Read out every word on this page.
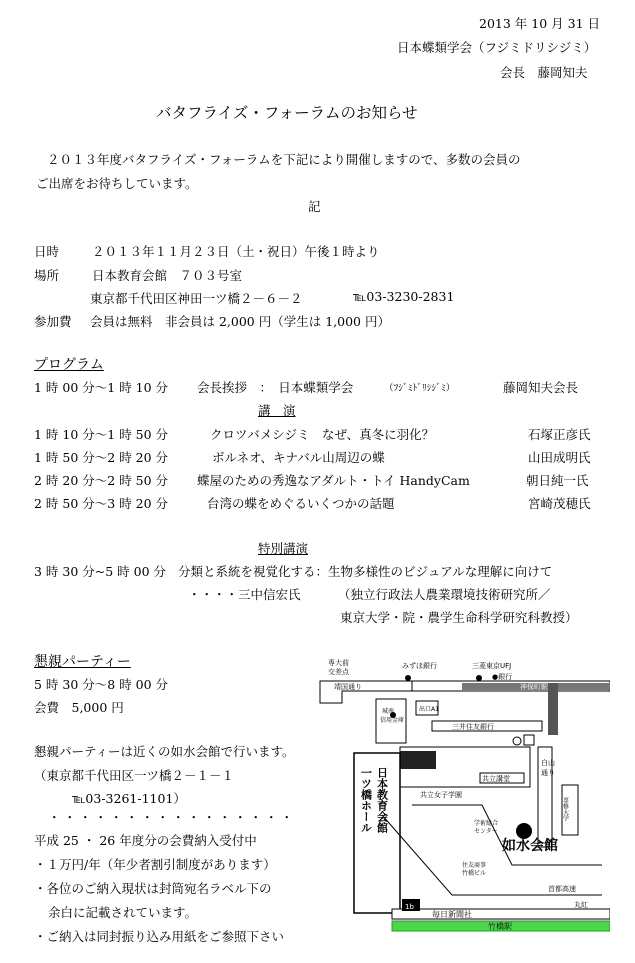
2013 年 10 月 31 日
日本蝶類学会（フジミドリシジミ）
会長　藤岡知夫
バタフライズ・フォーラムのお知らせ
２０１３年度バタフライズ・フォーラムを下記により開催しますので、多数の会員の
ご出席をお待ちしています。
記
日時	２０１３年１１月２３日（土・祝日）午後１時より
場所	日本教育会館　７０３号室
東京都千代田区神田一ツ橋２－６－２	℡03-3230-2831
参加費 会員は無料　非会員は 2,000 円（学生は 1,000 円）
プログラム
1 時 00 分～1 時 10 分 会長挨拶　：　日本蝶類学会	（ﾌｼﾞﾐﾄﾞﾘｼｼﾞﾐ）	藤岡知夫会長
講　演
1 時 10 分～1 時 50 分	クロツバメシジミ　なぜ、真冬に羽化？	石塚正彦氏
1 時 50 分～2 時 20 分	ボルネオ、キナバル山周辺の蝶	山田成明氏
2 時 20 分～2 時 50 分 蝶屋のための秀逸なアダルト・トイ HandyCam	朝日純一氏
2 時 50 分～3 時 20 分	台湾の蝶をめぐるいくつかの話題	宮崎茂穂氏
特別講演
3 時 30 分~5 時 00 分 分類と系統を視覚化する：生物多様性のビジュアルな理解に向けて
・・・・三中信宏氏	（独立行政法人農業環境技術研究所／
東京大学・院・農学生命科学研究科教授）
懇親パーティー
5 時 30 分～8 時 00 分
会費　5,000 円
懇親パーティーは近くの如水会館で行います。
（東京都千代田区一ツ橋２－１－１
℡03-3261-1101）
・・・・・・・・・・・・・・・・
平成 25 ・ 26 年度分の会費納入受付中
・１万円/年（年少者割引制度があります）
・各位のご納入現状は封筒宛名ラベル下の
余白に記載されています。
・ご納入は同封振り込み用紙をご参照下さい
専大前
交差点
みずほ銀行	三菱東京UFJ
●銀行
靖国通り	神保町駅
城南
信用金庫
出口A1
三井住友銀行
日本教育会館
一ツ橋ホール
白山
通り
専修大学
共立女子学園
共立講堂
学術総合
センター
如水会館
住友商事
竹橋ビル
首都高速
毎日新聞社
丸紅
竹橋駅
1b
